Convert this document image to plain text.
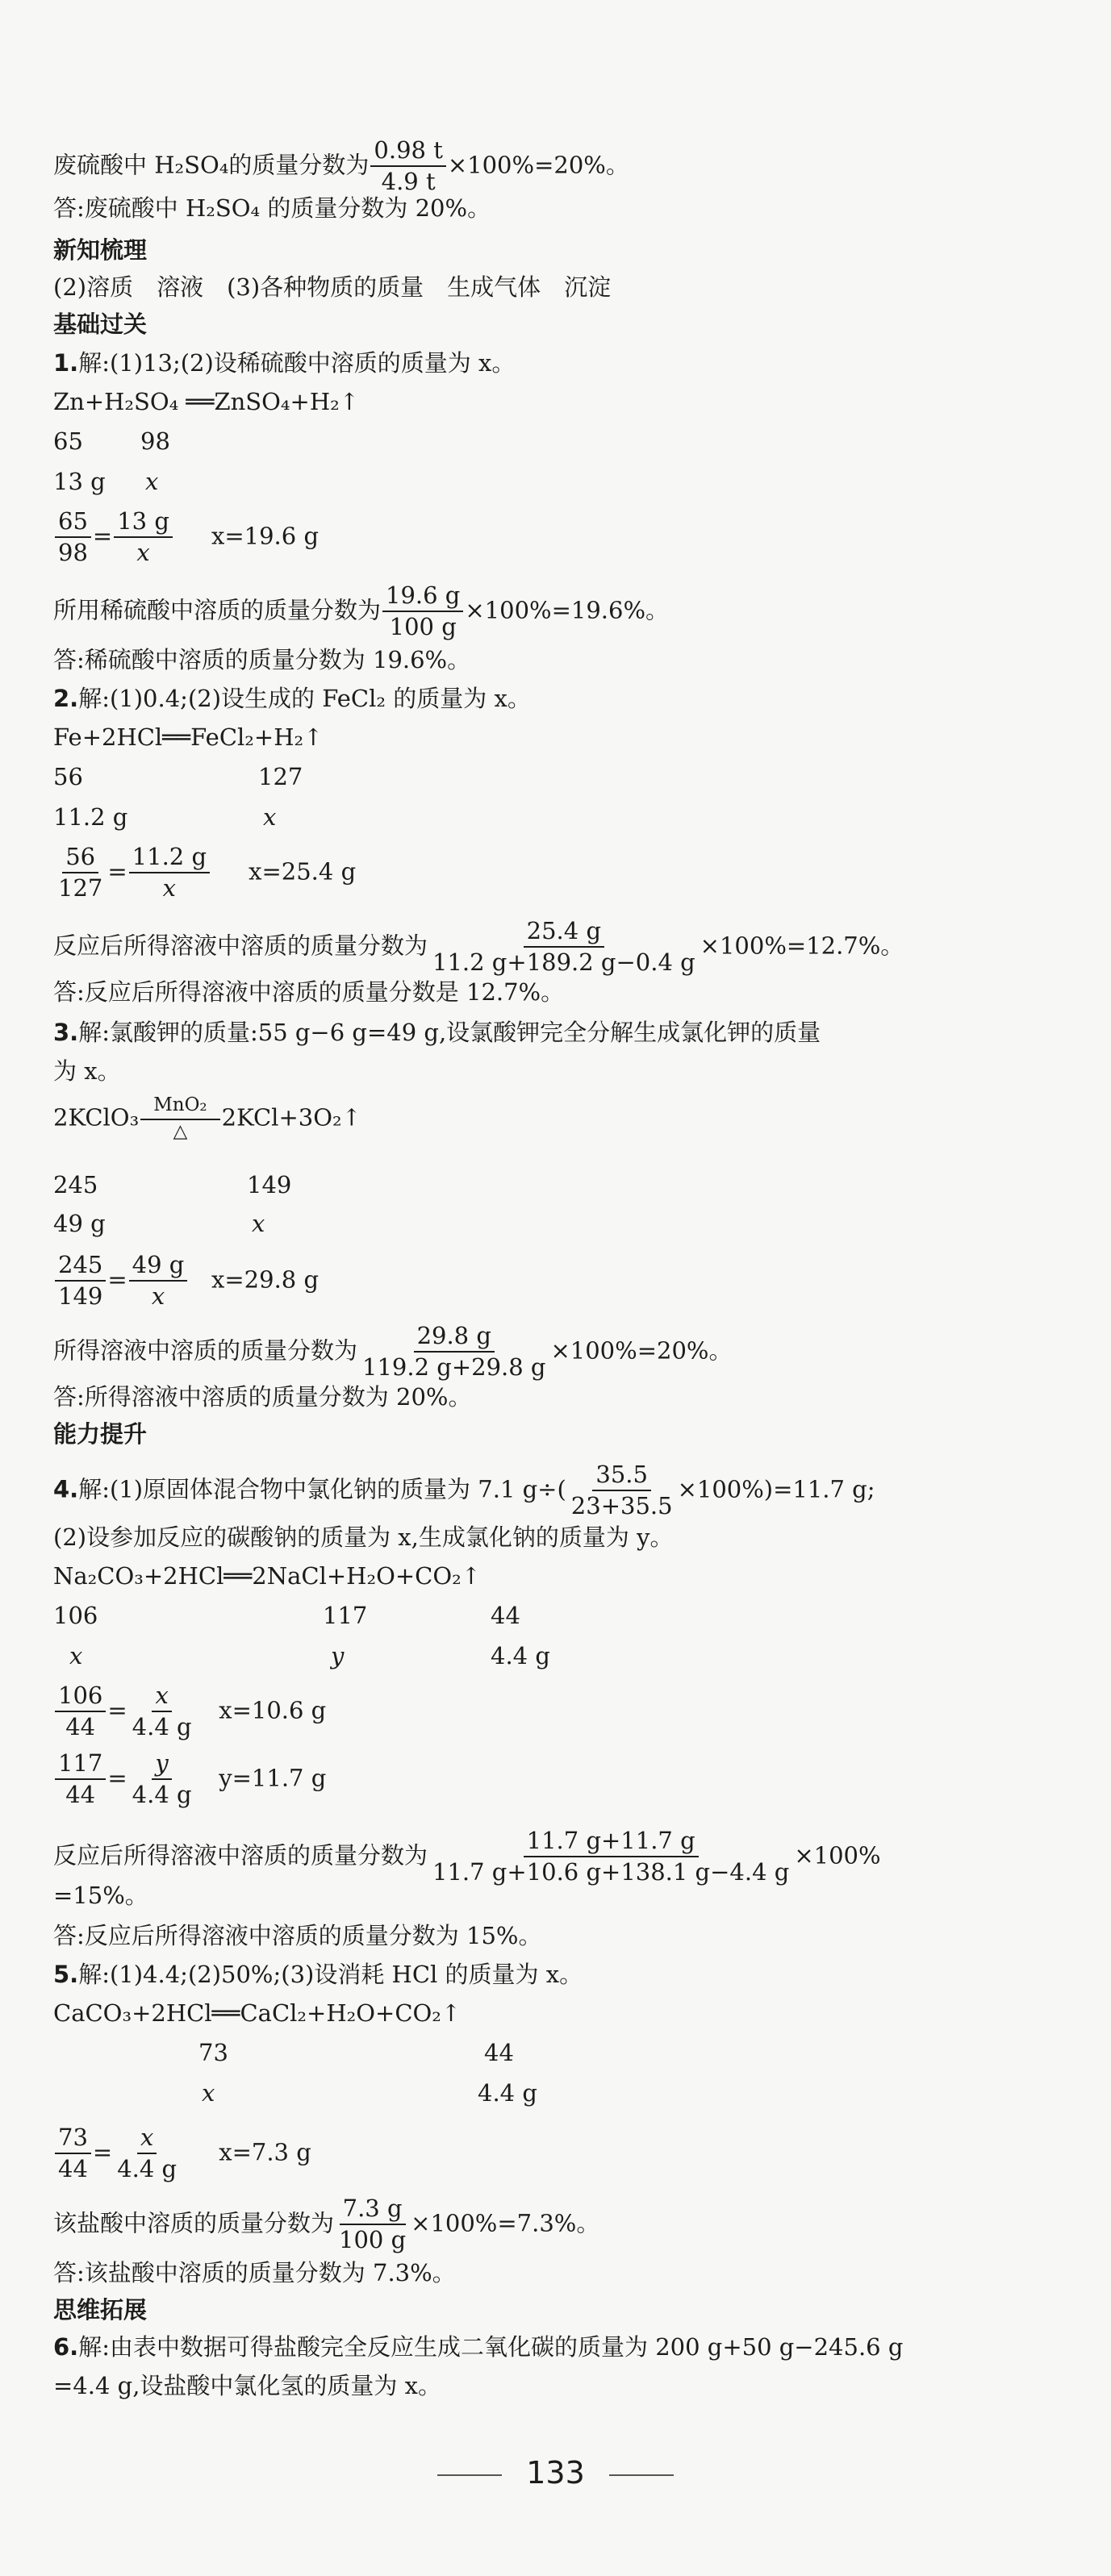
废硫酸中 H₂SO₄的质量分数为 $\frac{0.98 t}{4.9 t} \times 100\%=20\%$。
答:废硫酸中 H₂SO₄ 的质量分数为 20%。
新知梳理
(2)溶质　溶液　(3)各种物质的质量　生成气体　沉淀
基础过关
1.解:(1)13;(2)设稀硫酸中溶质的质量为 x。
Zn+H₂SO₄ ══ZnSO₄+H₂↑
65 98
13 g x
$\frac{65}{98} = \frac{13 g}{x} x=19.6$ g
所用稀硫酸中溶质的质量分数为 $\frac{19.6 g}{100 g} \times 100\%=19.6\%$。
答:稀硫酸中溶质的质量分数为 19.6%。
2.解:(1)0.4;(2)设生成的 FeCl₂ 的质量为 x。
Fe+2HCl══FeCl₂+H₂↑
56	127
11.2 g	x
$\frac{56}{127} = \frac{11.2 g}{x} x=25.4$ g
反应后所得溶液中溶质的质量分数为 $\frac{25.4 g}{11.2 g+189.2 g-0.4 g} \times 100\%=12.7\%$。
答:反应后所得溶液中溶质的质量分数是 12.7%。
3.解:氯酸钾的质量:55 g−6 g=49 g,设氯酸钾完全分解生成氯化钾的质量
为 x。
2KClO₃ MnO₂
△
2KCl+3O₂↑
245	149
49 g	x
$\frac{245}{149} = \frac{49 g}{x} x=29.8$ g
所得溶液中溶质的质量分数为 $\frac{29.8 g}{119.2 g+29.8 g} \times 100\%=20\%$。
答:所得溶液中溶质的质量分数为 20%。
能力提升
4.解:(1)原固体混合物中氯化钠的质量为 7.1 $g\div( \frac{35.5}{23+35.5} \times 100\%)=11.7$ g;
(2)设参加反应的碳酸钠的质量为 x,生成氯化钠的质量为 y。
Na₂CO₃+2HCl══2NaCl+H₂O+CO₂↑
106	117	44
x	y	4.4 g
$\frac{106}{44} = \frac{x}{4.4 g} x=10.6$ g
$\frac{117}{44} = \frac{y}{4.4 g} y=11.7$ g
反应后所得溶液中溶质的质量分数为 $\frac{11.7 g+11.7 g}{11.7 g+10.6 g+138.1 g-4.4 g} \times 100\%$
=15%。
答:反应后所得溶液中溶质的质量分数为 15%。
5.解:(1)4.4;(2)50%;(3)设消耗 HCl 的质量为 x。
CaCO₃+2HCl══CaCl₂+H₂O+CO₂↑
73	44
x	4.4 g
$\frac{73}{44} = \frac{x}{4.4 g} x=7.3$ g
该盐酸中溶质的质量分数为 $\frac{7.3 g}{100 g} \times 100\%=7.3\%$。
答:该盐酸中溶质的质量分数为 7.3%。
思维拓展
6.解:由表中数据可得盐酸完全反应生成二氧化碳的质量为 200 g+50 g−245.6 g
=4.4 g,设盐酸中氯化氢的质量为 x。
133
